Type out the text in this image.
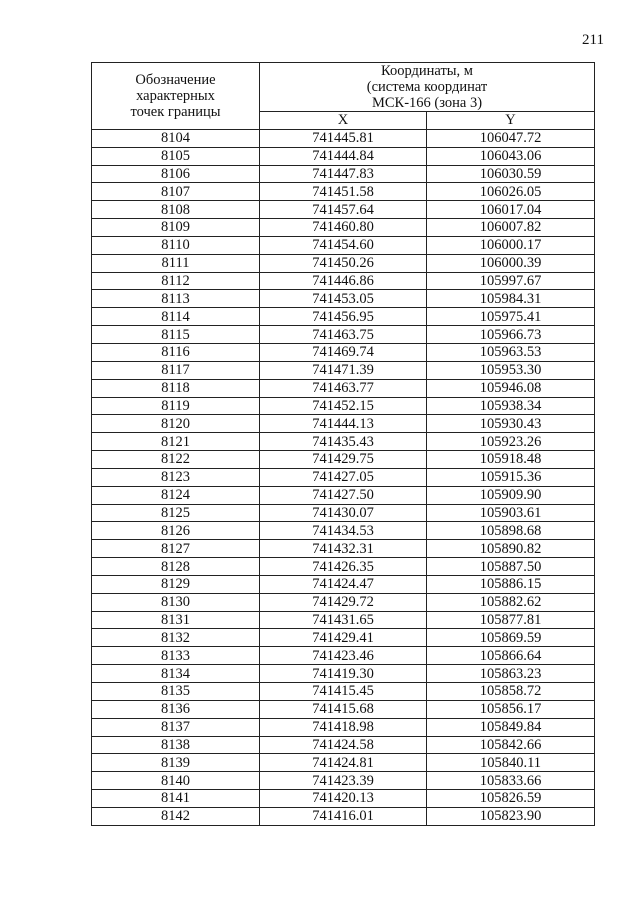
211
Обозначение
характерных
точек границы	Координаты, м
(система координат
МСК-166 (зона 3)	

	X	Y
8104	741445.81	106047.72
8105	741444.84	106043.06
8106	741447.83	106030.59
8107	741451.58	106026.05
8108	741457.64	106017.04
8109	741460.80	106007.82
8110	741454.60	106000.17
8111	741450.26	106000.39
8112	741446.86	105997.67
8113	741453.05	105984.31
8114	741456.95	105975.41
8115	741463.75	105966.73
8116	741469.74	105963.53
8117	741471.39	105953.30
8118	741463.77	105946.08
8119	741452.15	105938.34
8120	741444.13	105930.43
8121	741435.43	105923.26
8122	741429.75	105918.48
8123	741427.05	105915.36
8124	741427.50	105909.90
8125	741430.07	105903.61
8126	741434.53	105898.68
8127	741432.31	105890.82
8128	741426.35	105887.50
8129	741424.47	105886.15
8130	741429.72	105882.62
8131	741431.65	105877.81
8132	741429.41	105869.59
8133	741423.46	105866.64
8134	741419.30	105863.23
8135	741415.45	105858.72
8136	741415.68	105856.17
8137	741418.98	105849.84
8138	741424.58	105842.66
8139	741424.81	105840.11
8140	741423.39	105833.66
8141	741420.13	105826.59
8142	741416.01	105823.90
